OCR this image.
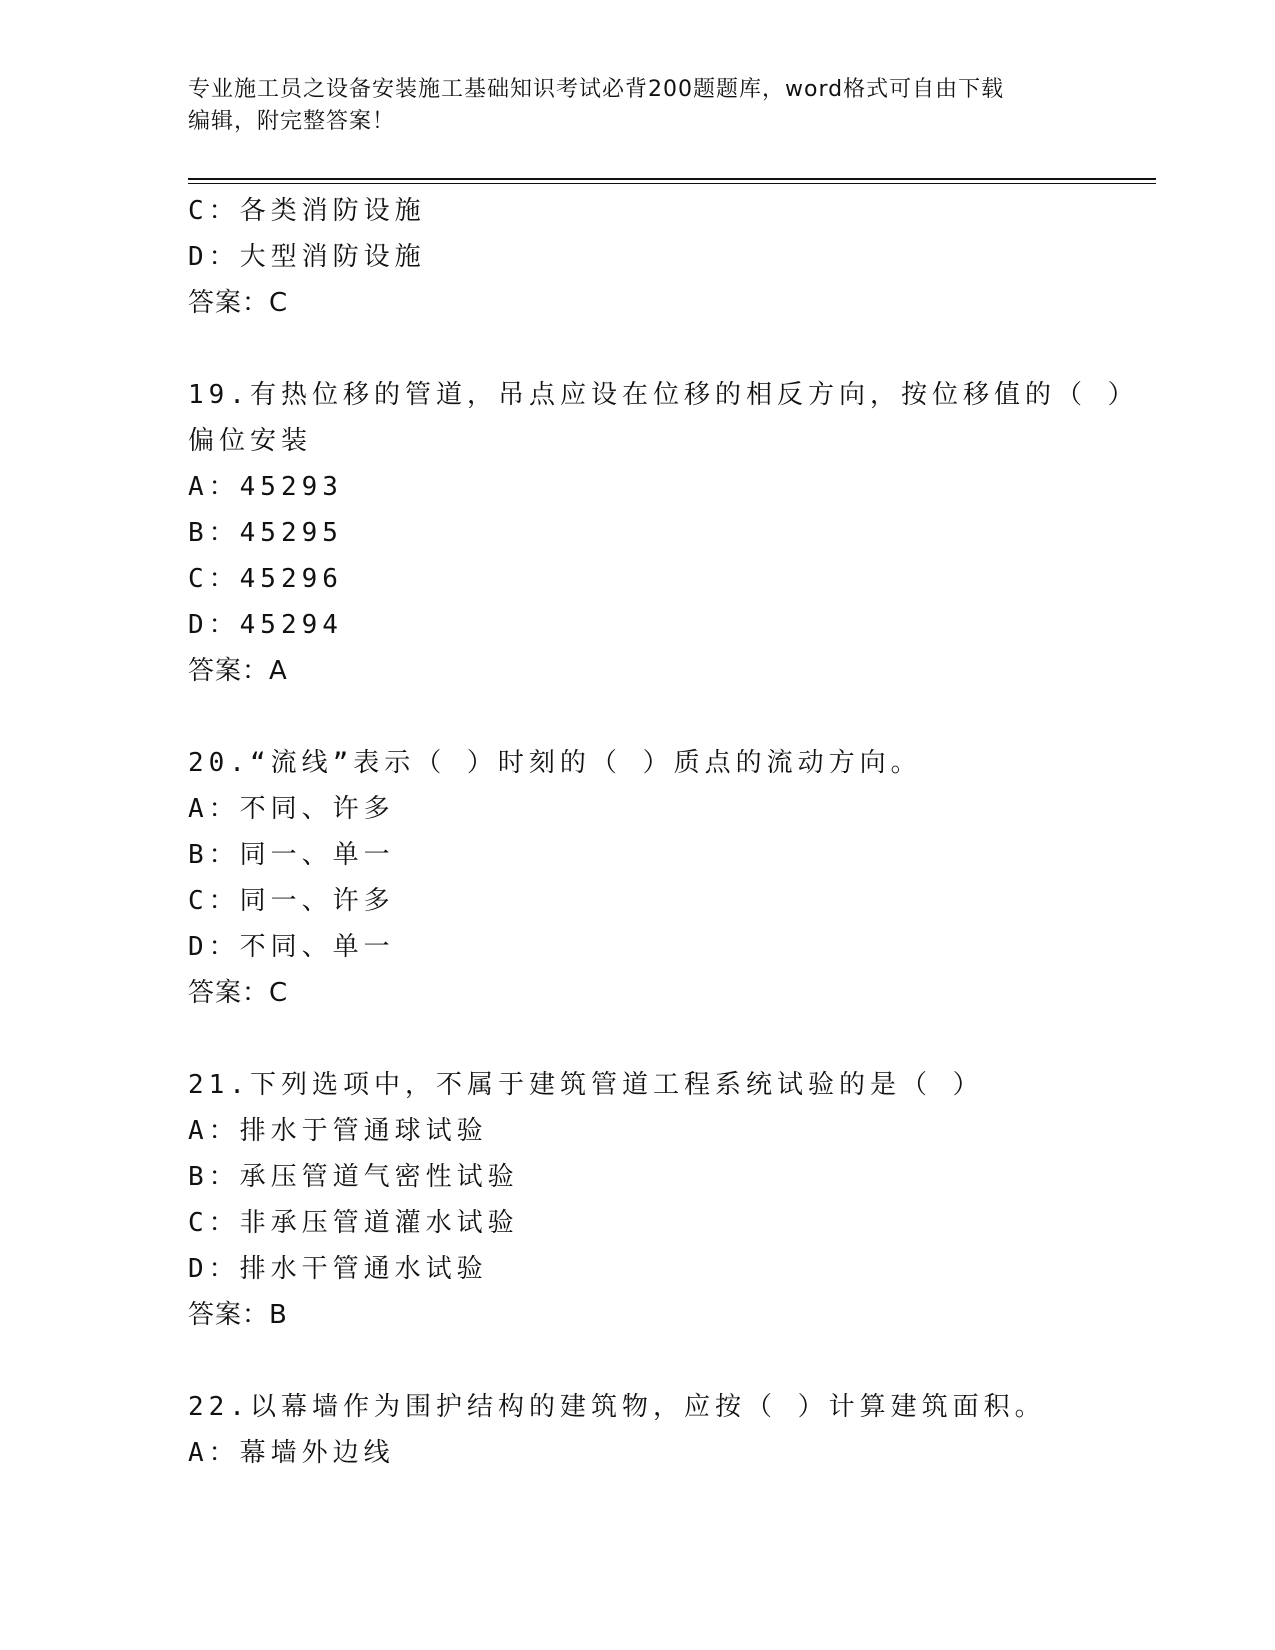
专业施工员之设备安装施工基础知识考试必背200题题库，word格式可自由下载
编辑，附完整答案！
C：各类消防设施
D：大型消防设施
答案：C
19.有热位移的管道，吊点应设在位移的相反方向，按位移值的（ ）
偏位安装
A：45293
B：45295
C：45296
D：45294
答案：A
20.“流线”表示（ ）时刻的（ ）质点的流动方向。
A：不同、许多
B：同一、单一
C：同一、许多
D：不同、单一
答案：C
21.下列选项中，不属于建筑管道工程系统试验的是（ ）
A：排水于管通球试验
B：承压管道气密性试验
C：非承压管道灌水试验
D：排水干管通水试验
答案：B
22.以幕墙作为围护结构的建筑物，应按（ ）计算建筑面积。
A：幕墙外边线
